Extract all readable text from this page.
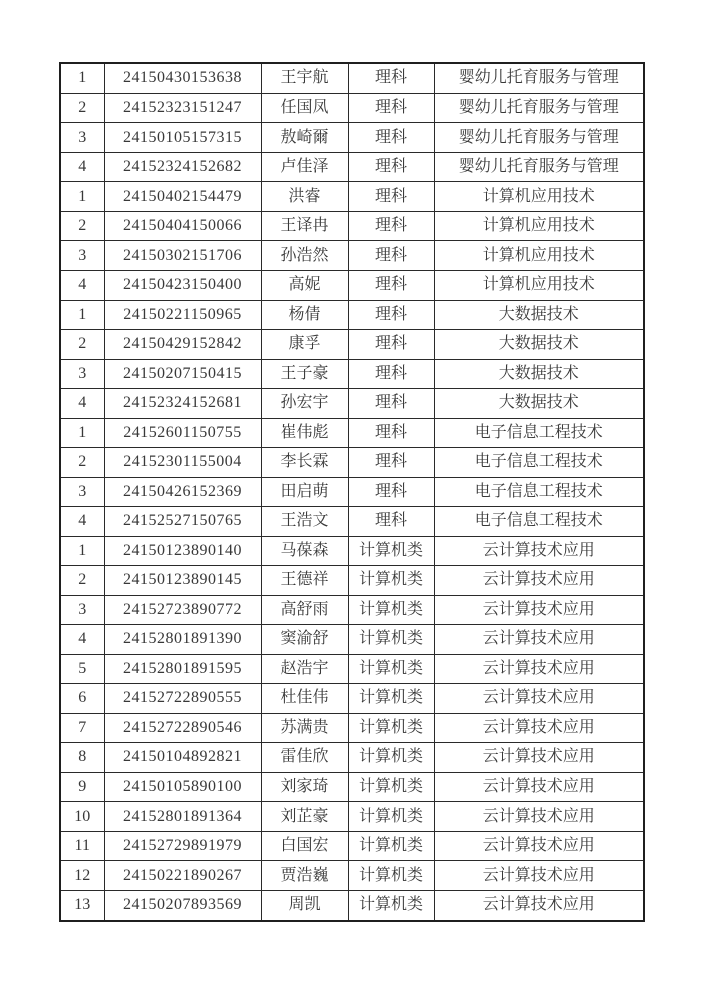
1	24150430153638	王宇航	理科	婴幼儿托育服务与管理
2	24152323151247	任国凤	理科	婴幼儿托育服务与管理
3	24150105157315	敖崎爾	理科	婴幼儿托育服务与管理
4	24152324152682	卢佳泽	理科	婴幼儿托育服务与管理
1	24150402154479	洪睿	理科	计算机应用技术
2	24150404150066	王译冉	理科	计算机应用技术
3	24150302151706	孙浩然	理科	计算机应用技术
4	24150423150400	高妮	理科	计算机应用技术
1	24150221150965	杨倩	理科	大数据技术
2	24150429152842	康孚	理科	大数据技术
3	24150207150415	王子豪	理科	大数据技术
4	24152324152681	孙宏宇	理科	大数据技术
1	24152601150755	崔伟彪	理科	电子信息工程技术
2	24152301155004	李长霖	理科	电子信息工程技术
3	24150426152369	田启萌	理科	电子信息工程技术
4	24152527150765	王浩文	理科	电子信息工程技术
1	24150123890140	马葆森	计算机类	云计算技术应用
2	24150123890145	王德祥	计算机类	云计算技术应用
3	24152723890772	高舒雨	计算机类	云计算技术应用
4	24152801891390	窦渝舒	计算机类	云计算技术应用
5	24152801891595	赵浩宇	计算机类	云计算技术应用
6	24152722890555	杜佳伟	计算机类	云计算技术应用
7	24152722890546	苏满贵	计算机类	云计算技术应用
8	24150104892821	雷佳欣	计算机类	云计算技术应用
9	24150105890100	刘家琦	计算机类	云计算技术应用
10	24152801891364	刘芷豪	计算机类	云计算技术应用
11	24152729891979	白国宏	计算机类	云计算技术应用
12	24150221890267	贾浩巍	计算机类	云计算技术应用
13	24150207893569	周凯	计算机类	云计算技术应用
